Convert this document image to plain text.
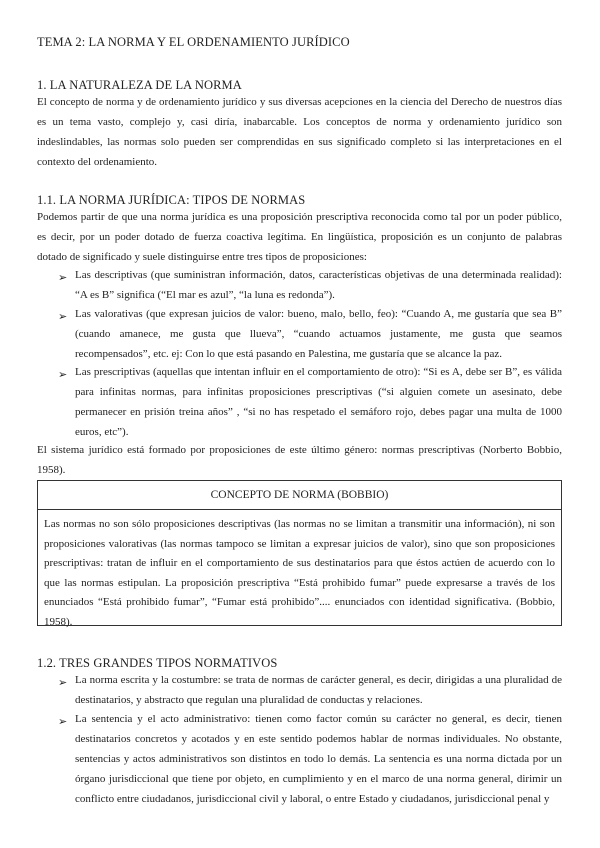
TEMA 2: LA NORMA Y EL ORDENAMIENTO JURÍDICO
1. LA NATURALEZA DE LA NORMA
El concepto de norma y de ordenamiento jurídico y sus diversas acepciones en la ciencia del Derecho de nuestros días es un tema vasto, complejo y, casi diría, inabarcable. Los conceptos de norma y ordenamiento jurídico son indeslindables, las normas solo pueden ser comprendidas en sus significado completo si las interpretaciones en el contexto del ordenamiento.
1.1. LA NORMA JURÍDICA: TIPOS DE NORMAS
Podemos partir de que una norma jurídica es una proposición prescriptiva reconocida como tal por un poder público, es decir, por un poder dotado de fuerza coactiva legítima. En lingüística, proposición es un conjunto de palabras dotado de significado y suele distinguirse entre tres tipos de proposiciones:
➢ Las descriptivas (que suministran información, datos, características objetivas de una determinada realidad): “A es B” significa (“El mar es azul”, “la luna es redonda”).
➢ Las valorativas (que expresan juicios de valor: bueno, malo, bello, feo): “Cuando A, me gustaría que sea B” (cuando amanece, me gusta que llueva”, “cuando actuamos justamente, me gusta que seamos recompensados”, etc. ej: Con lo que está pasando en Palestina, me gustaría que se alcance la paz.
➢ Las prescriptivas (aquellas que intentan influir en el comportamiento de otro): “Si es A, debe ser B”, es válida para infinitas normas, para infinitas proposiciones prescriptivas (“si alguien comete un asesinato, debe permanecer en prisión treina años” , “si no has respetado el semáforo rojo, debes pagar una multa de 1000 euros, etc”).
El sistema jurídico está formado por proposiciones de este último género: normas prescriptivas (Norberto Bobbio, 1958).
CONCEPTO DE NORMA (BOBBIO)
Las normas no son sólo proposiciones descriptivas (las normas no se limitan a transmitir una información), ni son proposiciones valorativas (las normas tampoco se limitan a expresar juicios de valor), sino que son proposiciones prescriptivas: tratan de influir en el comportamiento de sus destinatarios para que éstos actúen de acuerdo con lo que las normas estipulan. La proposición prescriptiva “Está prohibido fumar” puede expresarse a través de los enunciados “Está prohibido fumar”, “Fumar está prohibido”.... enunciados con identidad significativa. (Bobbio, 1958).
1.2. TRES GRANDES TIPOS NORMATIVOS
➢ La norma escrita y la costumbre: se trata de normas de carácter general, es decir, dirigidas a una pluralidad de destinatarios, y abstracto que regulan una pluralidad de conductas y relaciones.
➢ La sentencia y el acto administrativo: tienen como factor común su carácter no general, es decir, tienen destinatarios concretos y acotados y en este sentido podemos hablar de normas individuales. No obstante, sentencias y actos administrativos son distintos en todo lo demás. La sentencia es una norma dictada por un órgano jurisdiccional que tiene por objeto, en cumplimiento y en el marco de una norma general, dirimir un conflicto entre ciudadanos, jurisdiccional civil y laboral, o entre Estado y ciudadanos, jurisdiccional penal y
